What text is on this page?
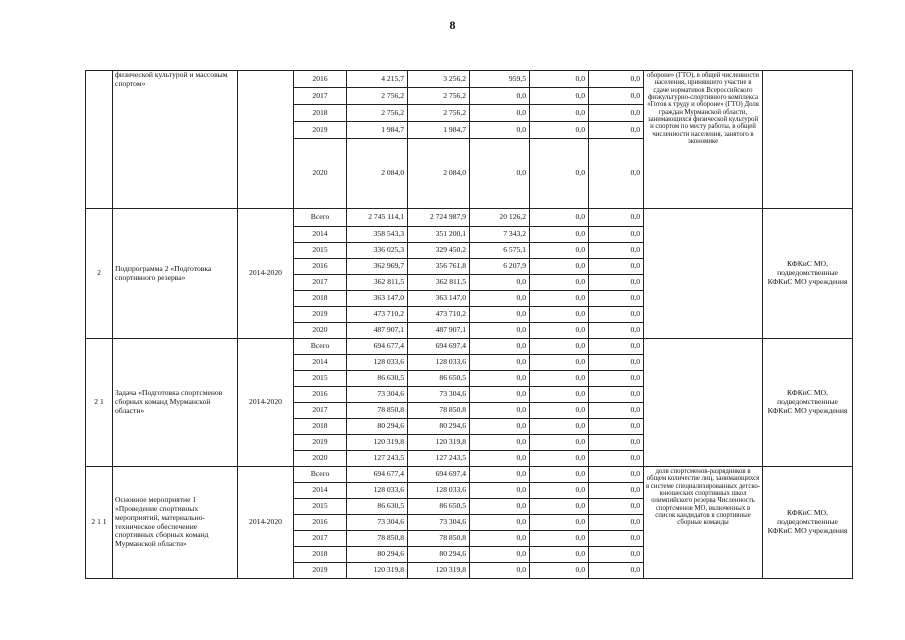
8
	физической культурой и массовым спортом»		2016	4 215,7	3 256,2	959,5	0,0	0,0	обороне» (ГТО), в общей численности населения, принявшего участие в сдаче нормативов Всероссийского физкультурно-спортивного комплекса «Готов к труду и обороне» (ГТО) Доля граждан Мурманской области, занимающихся физической культурой и спортом по месту работы, в общей численности населения, занятого в экономике	
			2017	2 756,2	2 756,2	0,0	0,0	0,0		
			2018	2 756,2	2 756,2	0,0	0,0	0,0		
			2019	1 984,7	1 984,7	0,0	0,0	0,0		
			2020	2 084,0	2 084,0	0,0	0,0	0,0		
2	Подпрограмма 2 «Подготовка спортивного резерва»	2014-2020	Всего	2 745 114,1	2 724 987,9	20 126,2	0,0	0,0		КФКиС МО, подведомственные КФКиС МО учреждения
			2014	358 543,3	351 200,1	7 343,2	0,0	0,0		
			2015	336 025,3	329 450,2	6 575,1	0,0	0,0		
			2016	362 969,7	356 761,8	6 207,9	0,0	0,0		
			2017	362 811,5	362 811,5	0,0	0,0	0,0		
			2018	363 147,0	363 147,0	0,0	0,0	0,0		
			2019	473 710,2	473 710,2	0,0	0,0	0,0		
			2020	487 907,1	487 907,1	0,0	0,0	0,0		
2 1	Задача «Подготовка спортсменов сборных команд Мурманской области»	2014-2020	Всего	694 677,4	694 697,4	0,0	0,0	0,0		КФКиС МО, подведомственные КФКиС МО учреждения
			2014	128 033,6	128 033,6	0,0	0,0	0,0		
			2015	86 630,5	86 650,5	0,0	0,0	0,0		
			2016	73 304,6	73 304,6	0,0	0,0	0,0		
			2017	78 850,8	78 850,8	0,0	0,0	0,0		
			2018	80 294,6	80 294,6	0,0	0,0	0,0		
			2019	120 319,8	120 319,8	0,0	0,0	0,0		
			2020	127 243,5	127 243,5	0,0	0,0	0,0		
2 1 1	Основное мероприятие 1 «Проведение спортивных мероприятий, материально-техническое обеспечение спортивных сборных команд Мурманской области»	2014-2020	Всего	694 677,4	694 697,4	0,0	0,0	0,0	доля спортсменов-разрядников в общем количестве лиц, занимающихся в системе специализированных детско-юношеских спортивных школ олимпийского резерва Численность спортсменов МО, включенных в список кандидатов в спортивные сборные команды	КФКиС МО, подведомственные КФКиС МО учреждения
			2014	128 033,6	128 033,6	0,0	0,0	0,0		
			2015	86 630,5	86 650,5	0,0	0,0	0,0		
			2016	73 304,6	73 304,6	0,0	0,0	0,0		
			2017	78 850,8	78 850,8	0,0	0,0	0,0		
			2018	80 294,6	80 294,6	0,0	0,0	0,0		
			2019	120 319,8	120 319,8	0,0	0,0	0,0		
